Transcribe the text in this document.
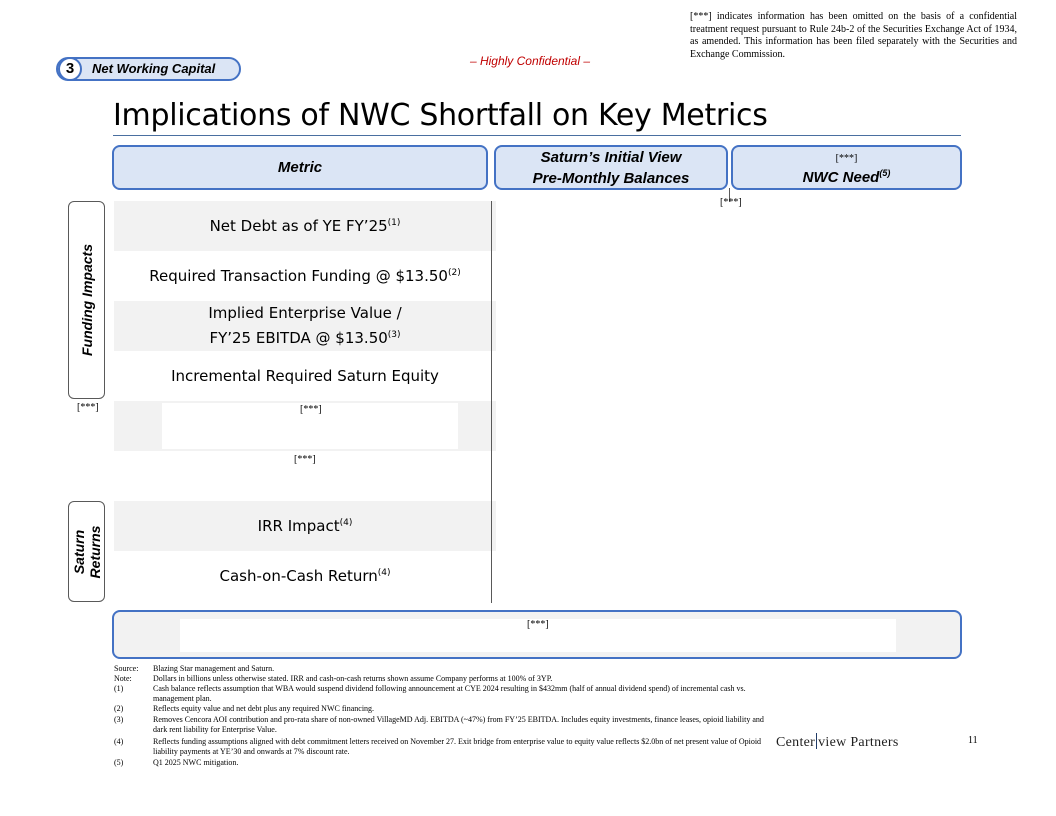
[***] indicates information has been omitted on the basis of a confidential treatment request pursuant to Rule 24b-2 of the Securities Exchange Act of 1934, as amended. This information has been filed separately with the Securities and Exchange Commission.
3	Net Working Capital	– Highly Confidential –
Implications of NWC Shortfall on Key Metrics
Metric
Saturn’s Initial View
Pre-Monthly Balances
[***]
NWC Need$^{(5)}$
[***]
Funding Impacts
Saturn Returns
Net Debt as of YE FY’25$^{(1)}$
Required Transaction Funding @ $13.50$^{(2)}$
Implied Enterprise Value /
FY’25 EBITDA @ $13.50$^{(3)}$
Incremental Required Saturn Equity
[***]
[***]
[***]
IRR Impact$^{(4)}$
Cash-on-Cash Return$^{(4)}$
[***]
Source: Blazing Star management and Saturn.
Note:	Dollars in billions unless otherwise stated. IRR and cash-on-cash returns shown assume Company performs at 100% of 3YP.
(1)	Cash balance reflects assumption that WBA would suspend dividend following announcement at CYE 2024 resulting in $432mm (half of annual dividend spend) of incremental cash vs. management plan.
(2)	Reflects equity value and net debt plus any required NWC financing.
(3)	Removes Cencora AOI contribution and pro-rata share of non-owned VillageMD Adj. EBITDA (~47%) from FY’25 EBITDA. Includes equity investments, finance leases, opioid liability and dark rent liability for Enterprise Value.
(4)	Reflects funding assumptions aligned with debt commitment letters received on November 27. Exit bridge from enterprise value to equity value reflects $2.0bn of net present value of Opioid liability payments at YE’30 and onwards at 7% discount rate.
(5)	Q1 2025 NWC mitigation.
Center view Partners	11
